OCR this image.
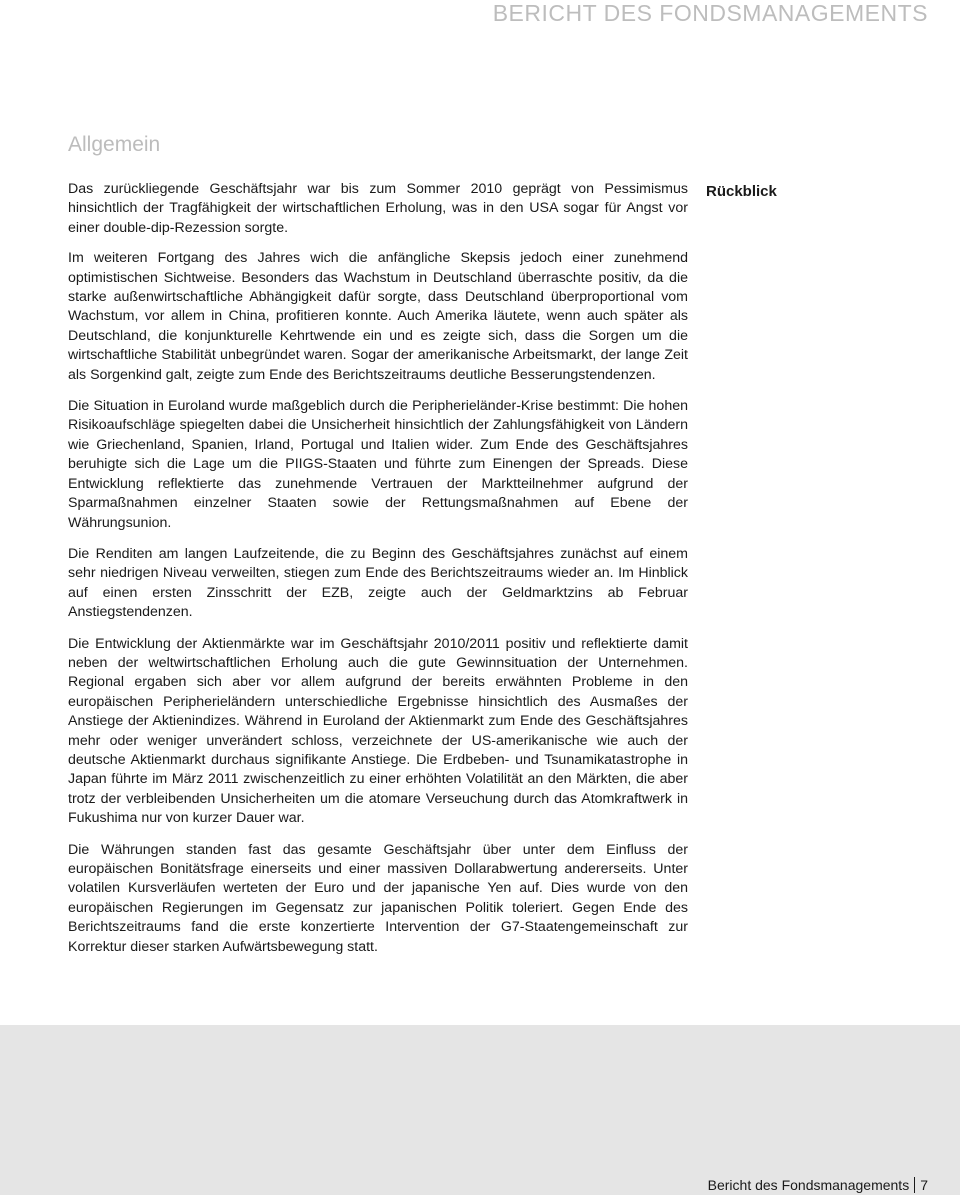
BERICHT DES FONDSMANAGEMENTS
Allgemein
Rückblick

Das zurückliegende Geschäftsjahr war bis zum Sommer 2010 geprägt von Pessimismus hinsichtlich der Tragfähigkeit der wirtschaftlichen Erholung, was in den USA sogar für Angst vor einer double-dip-Rezession sorgte.

Im weiteren Fortgang des Jahres wich die anfängliche Skepsis jedoch einer zunehmend optimistischen Sichtweise. Besonders das Wachstum in Deutschland überraschte positiv, da die starke außenwirtschaftliche Abhängigkeit dafür sorgte, dass Deutschland überproportional vom Wachstum, vor allem in China, profitieren konnte. Auch Amerika läutete, wenn auch später als Deutschland, die konjunkturelle Kehrtwende ein und es zeigte sich, dass die Sorgen um die wirtschaftliche Stabilität unbegründet waren. Sogar der amerikanische Arbeitsmarkt, der lange Zeit als Sorgenkind galt, zeigte zum Ende des Berichtszeitraums deutliche Besserungstendenzen.

Die Situation in Euroland wurde maßgeblich durch die Peripherieländer-Krise bestimmt: Die hohen Risikoaufschläge spiegelten dabei die Unsicherheit hinsichtlich der Zahlungsfähigkeit von Ländern wie Griechenland, Spanien, Irland, Portugal und Italien wider. Zum Ende des Geschäftsjahres beruhigte sich die Lage um die PIIGS-Staaten und führte zum Einengen der Spreads. Diese Entwicklung reflektierte das zunehmende Vertrauen der Marktteilnehmer aufgrund der Sparmaßnahmen einzelner Staaten sowie der Rettungsmaßnahmen auf Ebene der Währungsunion.

Die Renditen am langen Laufzeitende, die zu Beginn des Geschäftsjahres zunächst auf einem sehr niedrigen Niveau verweilten, stiegen zum Ende des Berichtszeitraums wieder an. Im Hinblick auf einen ersten Zinsschritt der EZB, zeigte auch der Geldmarktzins ab Februar Anstiegstendenzen.

Die Entwicklung der Aktienmärkte war im Geschäftsjahr 2010/2011 positiv und reflektierte damit neben der weltwirtschaftlichen Erholung auch die gute Gewinnsituation der Unternehmen. Regional ergaben sich aber vor allem aufgrund der bereits erwähnten Probleme in den europäischen Peripherieländern unterschiedliche Ergebnisse hinsichtlich des Ausmaßes der Anstiege der Aktienindizes. Während in Euroland der Aktienmarkt zum Ende des Geschäftsjahres mehr oder weniger unverändert schloss, verzeichnete der US-amerikanische wie auch der deutsche Aktienmarkt durchaus signifikante Anstiege. Die Erdbeben- und Tsunamikatastrophe in Japan führte im März 2011 zwischenzeitlich zu einer erhöhten Volatilität an den Märkten, die aber trotz der verbleibenden Unsicherheiten um die atomare Verseuchung durch das Atomkraftwerk in Fukushima nur von kurzer Dauer war.

Die Währungen standen fast das gesamte Geschäftsjahr über unter dem Einfluss der europäischen Bonitätsfrage einerseits und einer massiven Dollarabwertung andererseits. Unter volatilen Kursverläufen werteten der Euro und der japanische Yen auf. Dies wurde von den europäischen Regierungen im Gegensatz zur japanischen Politik toleriert. Gegen Ende des Berichtszeitraums fand die erste konzertierte Intervention der G7-Staatengemeinschaft zur Korrektur dieser starken Aufwärtsbewegung statt.

Bericht des Fondsmanagements 7
